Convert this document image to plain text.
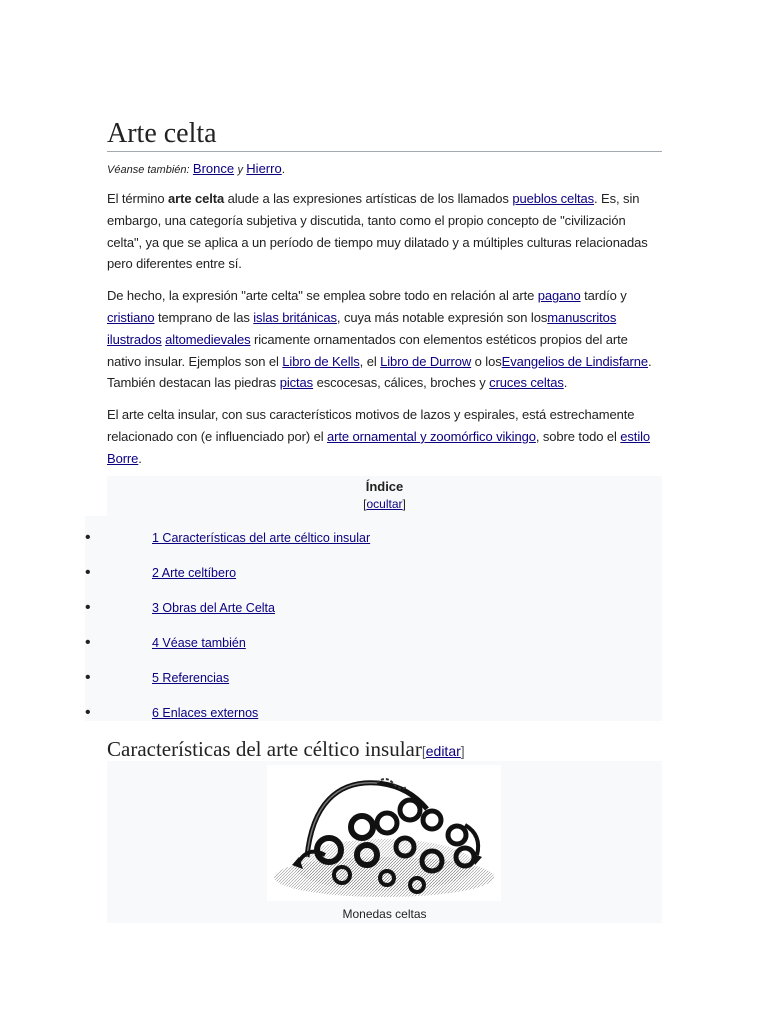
Arte celta
Véanse también: Bronce y Hierro.

El término arte celta alude a las expresiones artísticas de los llamados pueblos celtas. Es, sin embargo, una categoría subjetiva y discutida, tanto como el propio concepto de "civilización celta", ya que se aplica a un período de tiempo muy dilatado y a múltiples culturas relacionadas pero diferentes entre sí.

De hecho, la expresión "arte celta" se emplea sobre todo en relación al arte pagano tardío y cristiano temprano de las islas británicas, cuya más notable expresión son losmanuscritos ilustrados altomedievales ricamente ornamentados con elementos estéticos propios del arte nativo insular. Ejemplos son el Libro de Kells, el Libro de Durrow o losEvangelios de Lindisfarne. También destacan las piedras pictas escocesas, cálices, broches y cruces celtas.

El arte celta insular, con sus característicos motivos de lazos y espirales, está estrechamente relacionado con (e influenciado por) el arte ornamental y zoomórfico vikingo, sobre todo el estilo Borre.

Índice
[ocultar]
•	1 Características del arte céltico insular
•	2 Arte celtíbero
•	3 Obras del Arte Celta
•	4 Véase también
•	5 Referencias
•	6 Enlaces externos
Características del arte céltico insular[editar]
Monedas celtas
